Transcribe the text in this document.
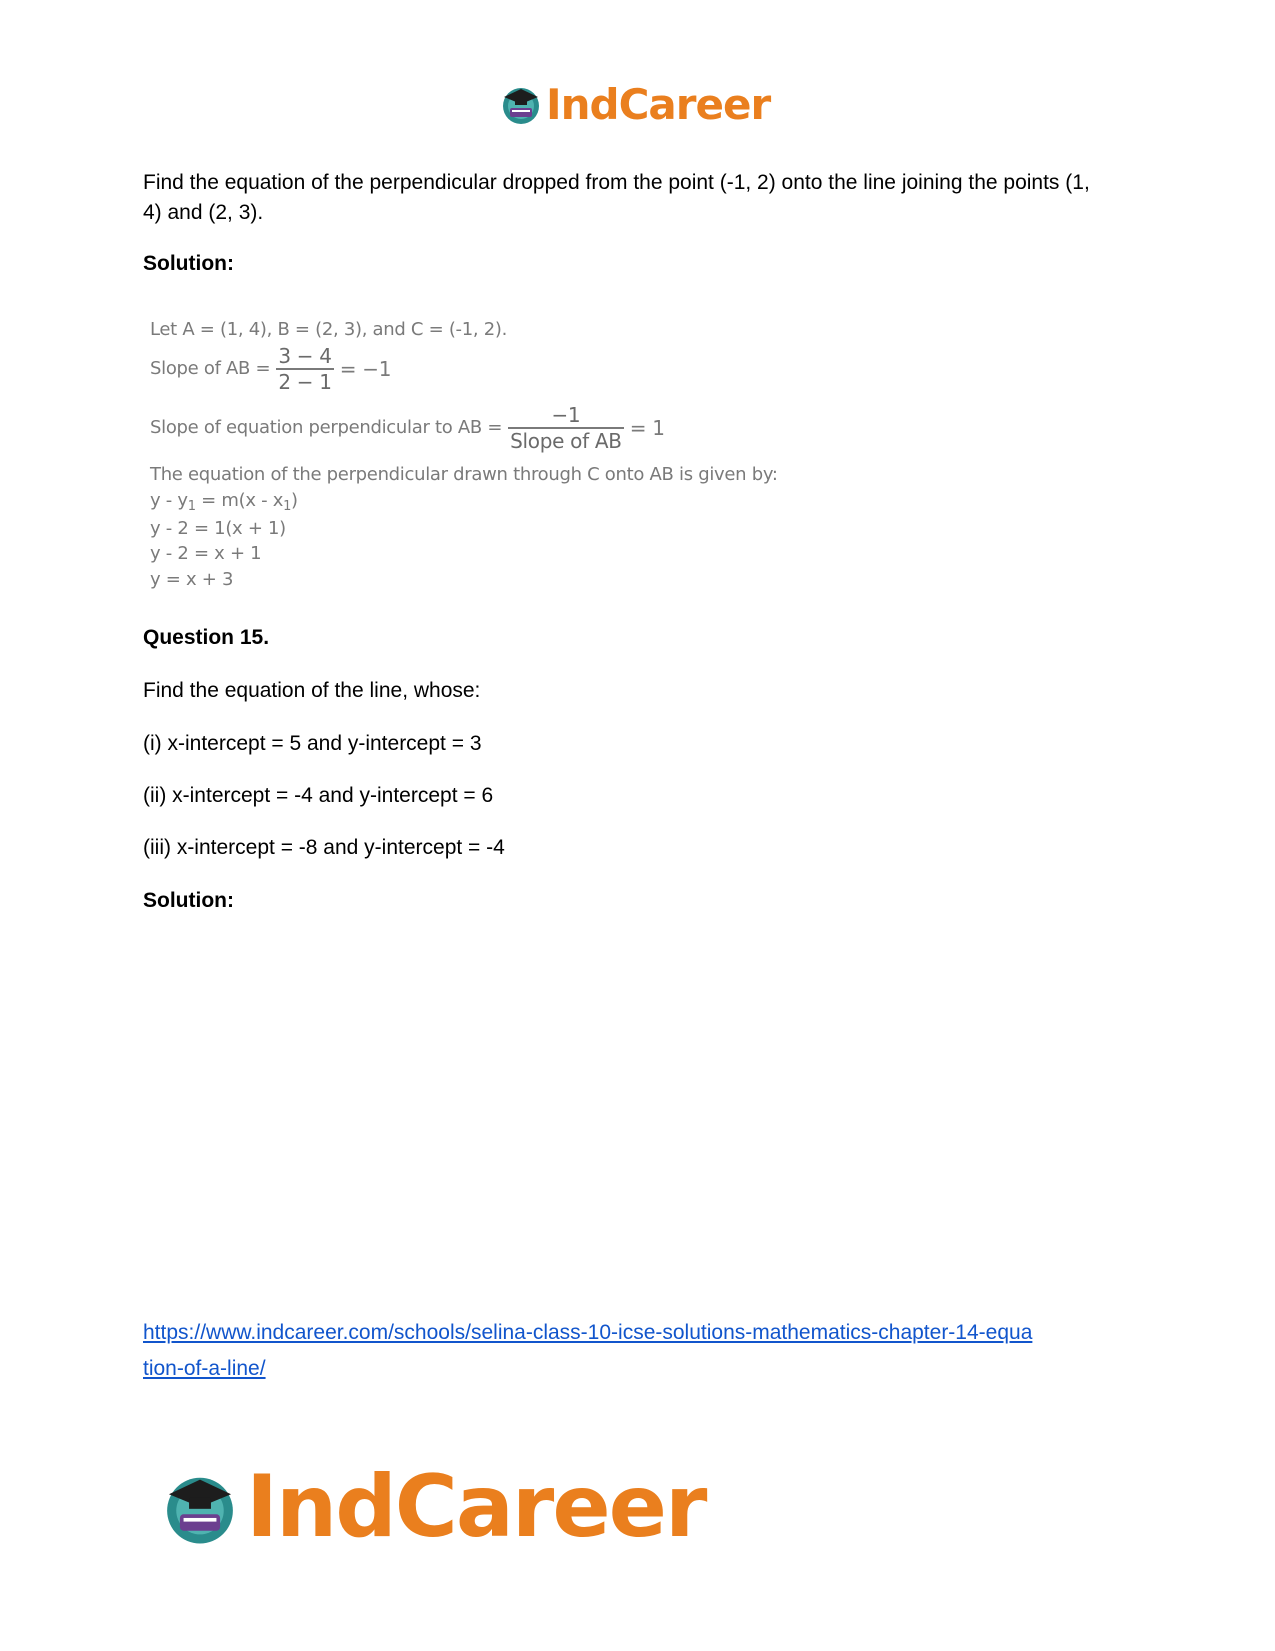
IndCareer
Find the equation of the perpendicular dropped from the point (-1, 2) onto the line joining the points (1, 4) and (2, 3).
Solution:
Let A = (1, 4), B = (2, 3), and C = (-1, 2).
Slope of AB = $\frac{3 - 4}{2 - 1} = -1$
Slope of equation perpendicular to AB = $\frac{-1}{\text{Slope of AB}} = 1$
The equation of the perpendicular drawn through C onto AB is given by:
$y - y_1 = m(x - x_1)$
y - 2 = 1(x + 1)
y - 2 = x + 1
y = x + 3
Question 15.
Find the equation of the line, whose:
(i) x-intercept = 5 and y-intercept = 3
(ii) x-intercept = -4 and y-intercept = 6
(iii) x-intercept = -8 and y-intercept = -4
Solution:
https://www.indcareer.com/schools/selina-class-10-icse-solutions-mathematics-chapter-14-equa
tion-of-a-line/
IndCareer
